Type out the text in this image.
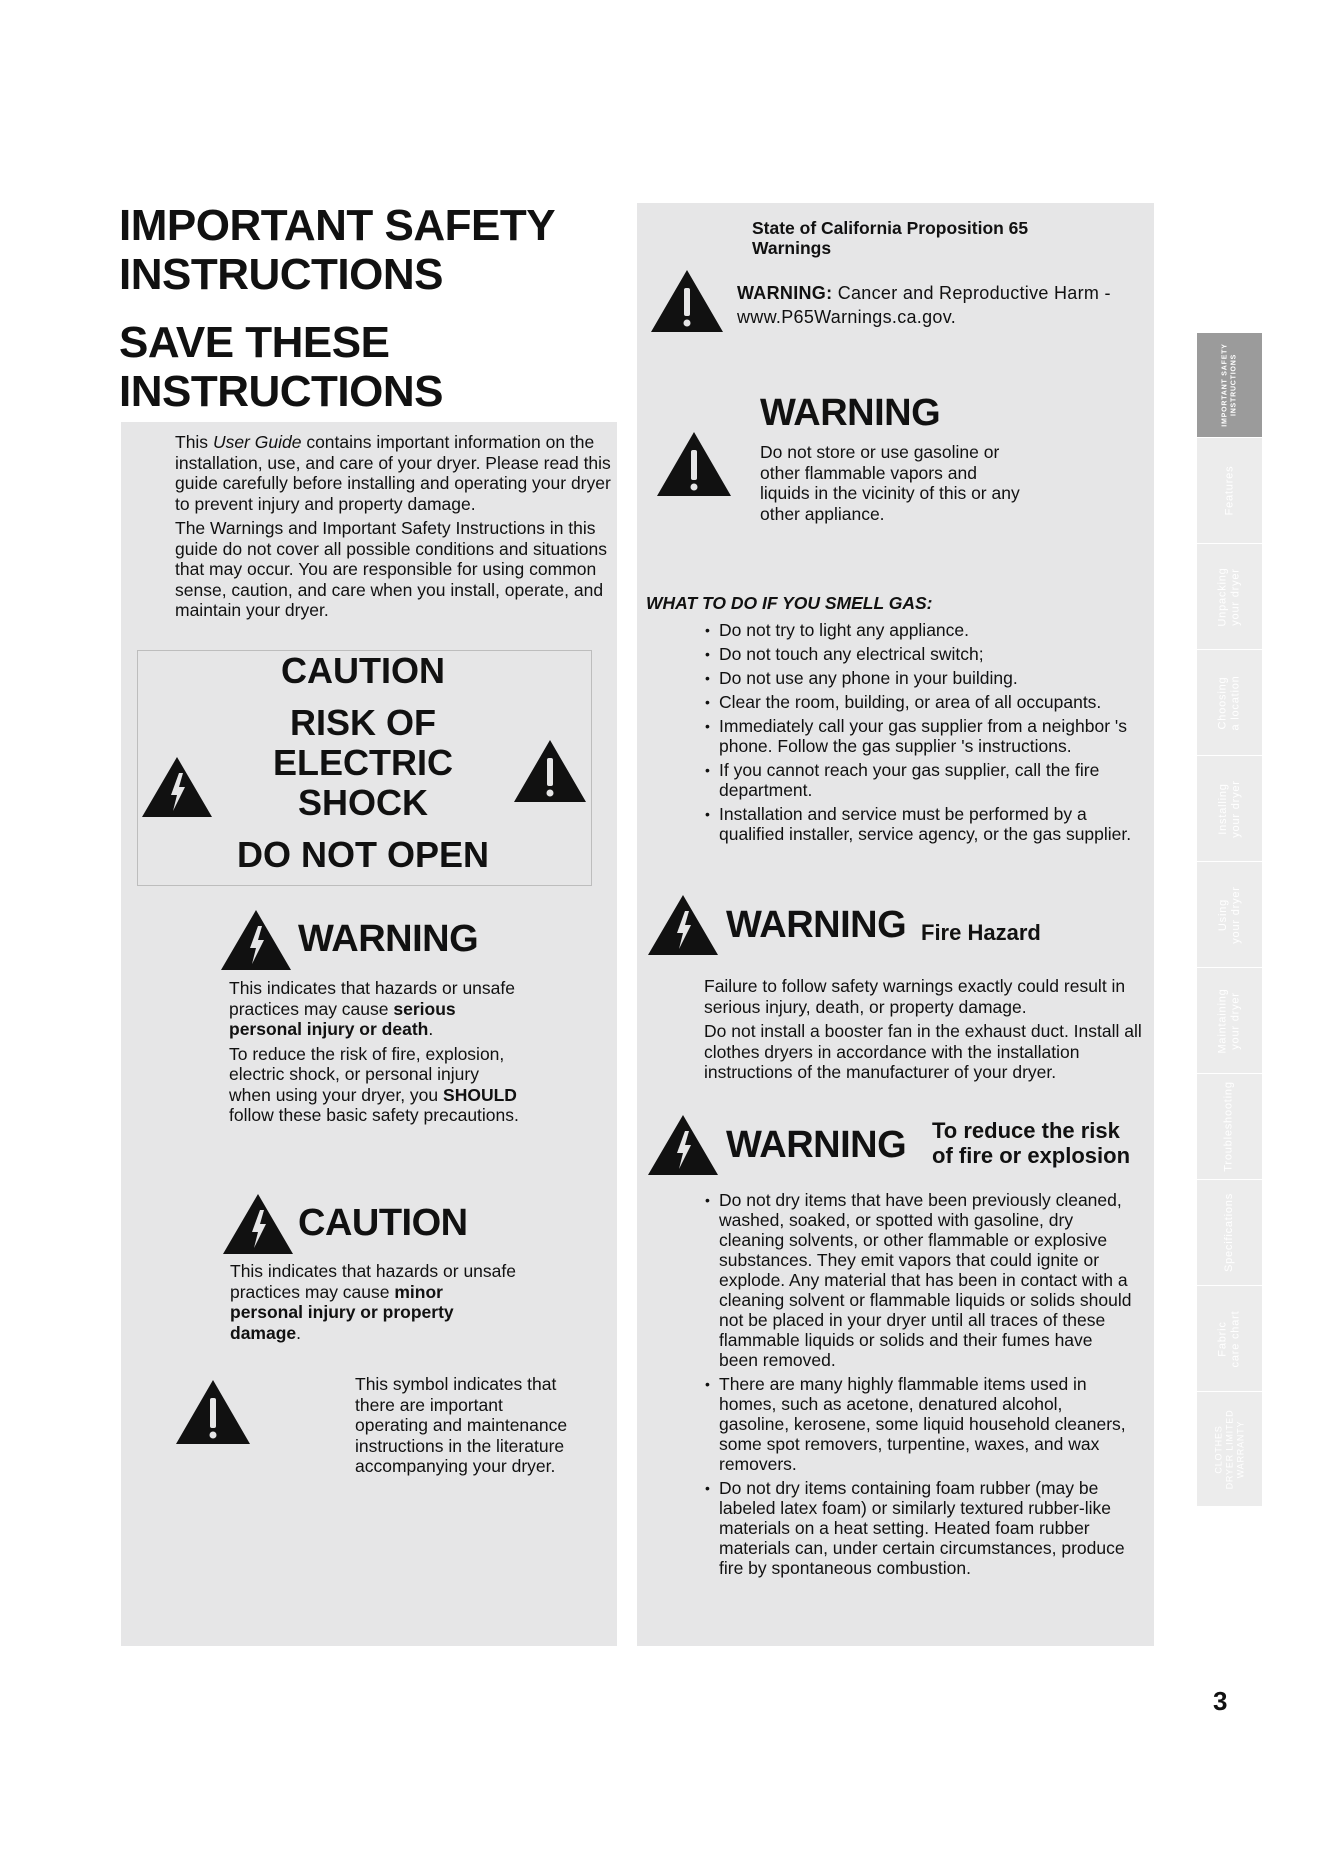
IMPORTANT SAFETY INSTRUCTIONS
SAVE THESE INSTRUCTIONS

This User Guide contains important information on the installation, use, and care of your dryer. Please read this guide carefully before installing and operating your dryer to prevent injury and property damage.

The Warnings and Important Safety Instructions in this guide do not cover all possible conditions and situations that may occur. You are responsible for using common sense, caution, and care when you install, operate, and maintain your dryer.

CAUTION
RISK OF ELECTRIC SHOCK
DO NOT OPEN
WARNING

This indicates that hazards or unsafe practices may cause serious personal injury or death.

To reduce the risk of fire, explosion, electric shock, or personal injury when using your dryer, you SHOULD follow these basic safety precautions.

CAUTION

This indicates that hazards or unsafe practices may cause minor personal injury or property damage.

This symbol indicates that there are important operating and maintenance instructions in the literature accompanying your dryer.
State of California Proposition 65 Warnings
WARNING: Cancer and Reproductive Harm -www.P65Warnings.ca.gov.
WARNING
Do not store or use gasoline or other flammable vapors and liquids in the vicinity of this or any other appliance.
WHAT TO DO IF YOU SMELL GAS:
• Do not try to light any appliance.
• Do not touch any electrical switch;
• Do not use any phone in your building.
• Clear the room, building, or area of all occupants.
• Immediately call your gas supplier from a neighbor 's phone. Follow the gas supplier 's instructions.
• If you cannot reach your gas supplier, call the fire department.
• Installation and service must be performed by a qualified installer, service agency, or the gas supplier.
WARNING Fire Hazard

Failure to follow safety warnings exactly could result in serious injury, death, or property damage.

Do not install a booster fan in the exhaust duct. Install all clothes dryers in accordance with the installation instructions of the manufacturer of your dryer.

WARNING To reduce the risk of fire or explosion
• Do not dry items that have been previously cleaned, washed, soaked, or spotted with gasoline, dry cleaning solvents, or other flammable or explosive substances. They emit vapors that could ignite or explode. Any material that has been in contact with a cleaning solvent or flammable liquids or solids should not be placed in your dryer until all traces of these flammable liquids or solids and their fumes have been removed.
• There are many highly flammable items used in homes, such as acetone, denatured alcohol, gasoline, kerosene, some liquid household cleaners, some spot removers, turpentine, waxes, and wax removers.
• Do not dry items containing foam rubber (may be labeled latex foam) or similarly textured rubber-like materials on a heat setting. Heated foam rubber materials can, under certain circumstances, produce fire by spontaneous combustion.
IMPORTANT SAFETY
INSTRUCTIONS
Features
Unpacking
your dryer
Choosing
a location
Installing
your dryer
Using
your dryer
Maintaining
your dryer
Troubleshooting
Specifications
Fabric
care chart
CLOTHES
DRYER LIMITED
WARRANTY
3
